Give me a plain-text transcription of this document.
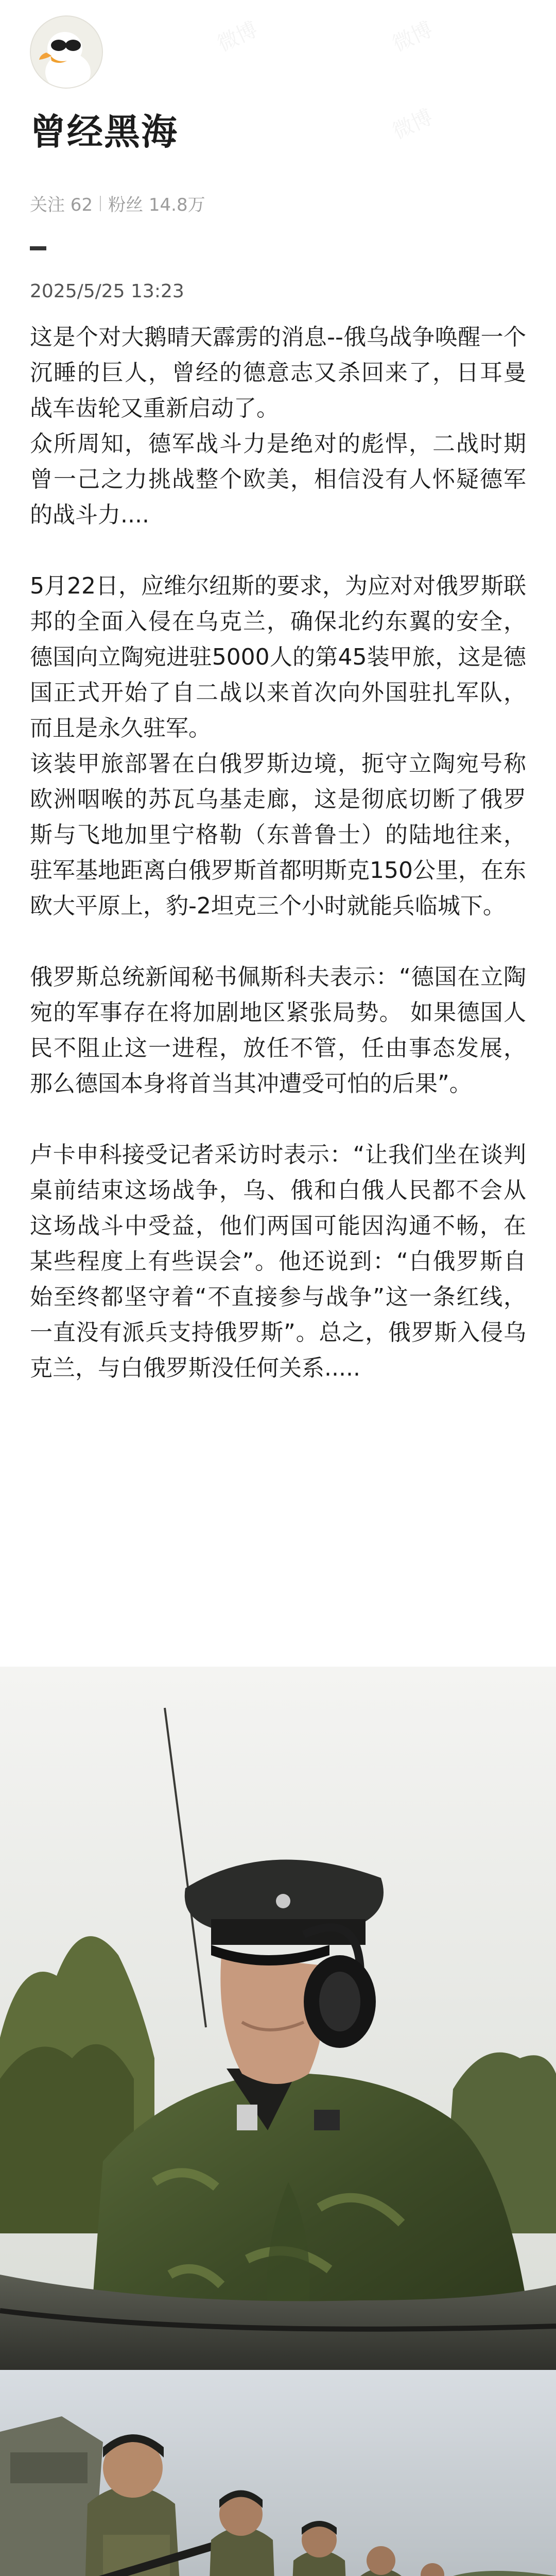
微博
微博
微博
曾经黑海
关注 62 粉丝 14.8万
2025/5/25 13:23

这是个对大鹅晴天霹雳的消息--俄乌战争唤醒一个沉睡的巨人，曾经的德意志又杀回来了，日耳曼战车齿轮又重新启动了。

众所周知，德军战斗力是绝对的彪悍，二战时期曾一己之力挑战整个欧美，相信没有人怀疑德军的战斗力....

5月22日，应维尔纽斯的要求，为应对对俄罗斯联邦的全面入侵在乌克兰，确保北约东翼的安全，德国向立陶宛进驻5000人的第45装甲旅，这是德国正式开始了自二战以来首次向外国驻扎军队，而且是永久驻军。

该装甲旅部署在白俄罗斯边境，扼守立陶宛号称欧洲咽喉的苏瓦乌基走廊，这是彻底切断了俄罗斯与飞地加里宁格勒（东普鲁士）的陆地往来，驻军基地距离白俄罗斯首都明斯克150公里，在东欧大平原上，豹-2坦克三个小时就能兵临城下。

俄罗斯总统新闻秘书佩斯科夫表示：“德国在立陶宛的军事存在将加剧地区紧张局势。 如果德国人民不阻止这一进程，放任不管，任由事态发展，那么德国本身将首当其冲遭受可怕的后果”。

卢卡申科接受记者采访时表示：“让我们坐在谈判桌前结束这场战争，乌、俄和白俄人民都不会从这场战斗中受益，他们两国可能因沟通不畅，在某些程度上有些误会”。他还说到：“白俄罗斯自始至终都坚守着“不直接参与战争”这一条红线，一直没有派兵支持俄罗斯”。总之，俄罗斯入侵乌克兰，与白俄罗斯没任何关系.....
